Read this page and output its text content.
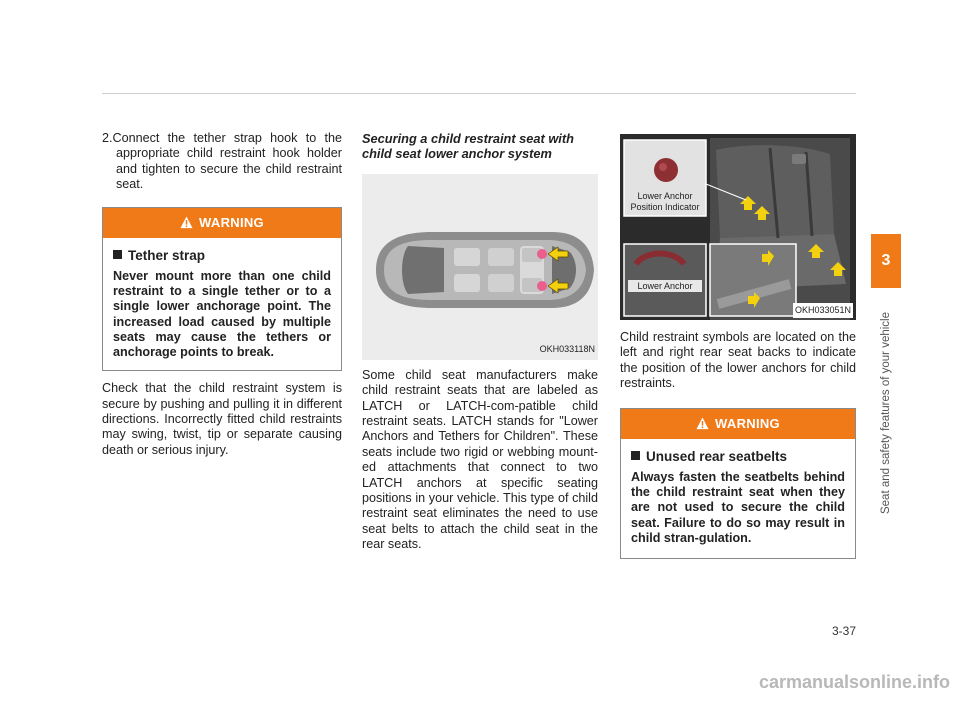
2.Connect the tether strap hook to the appropriate child restraint hook holder and tighten to secure the child restraint seat.

WARNING

Tether strap

Never mount more than one child restraint to a single tether or to a single lower anchorage point. The increased load caused by multiple seats may cause the tethers or anchorage points to break.

Check that the child restraint system is secure by pushing and pulling it in different directions. Incorrectly fitted child restraints may swing, twist, tip or separate causing death or serious injury.

Securing a child restraint seat with child seat lower anchor system

OKH033118N

Some child seat manufacturers make child restraint seats that are labeled as LATCH or LATCH-com-patible child restraint seats. LATCH stands for "Lower Anchors and Tethers for Children". These seats include two rigid or webbing mount-ed attachments that connect to two LATCH anchors at specific seating positions in your vehicle. This type of child restraint seat eliminates the need to use seat belts to attach the child seat in the rear seats.

Lower Anchor Position Indicator
Lower Anchor
OKH033051N

Child restraint symbols are located on the left and right rear seat backs to indicate the position of the lower anchors for child restraints.

WARNING

Unused rear seatbelts

Always fasten the seatbelts behind the child restraint seat when they are not used to secure the child seat. Failure to do so may result in child stran-gulation.

3
Seat and safety features of your vehicle
3-37
carmanualsonline.info
